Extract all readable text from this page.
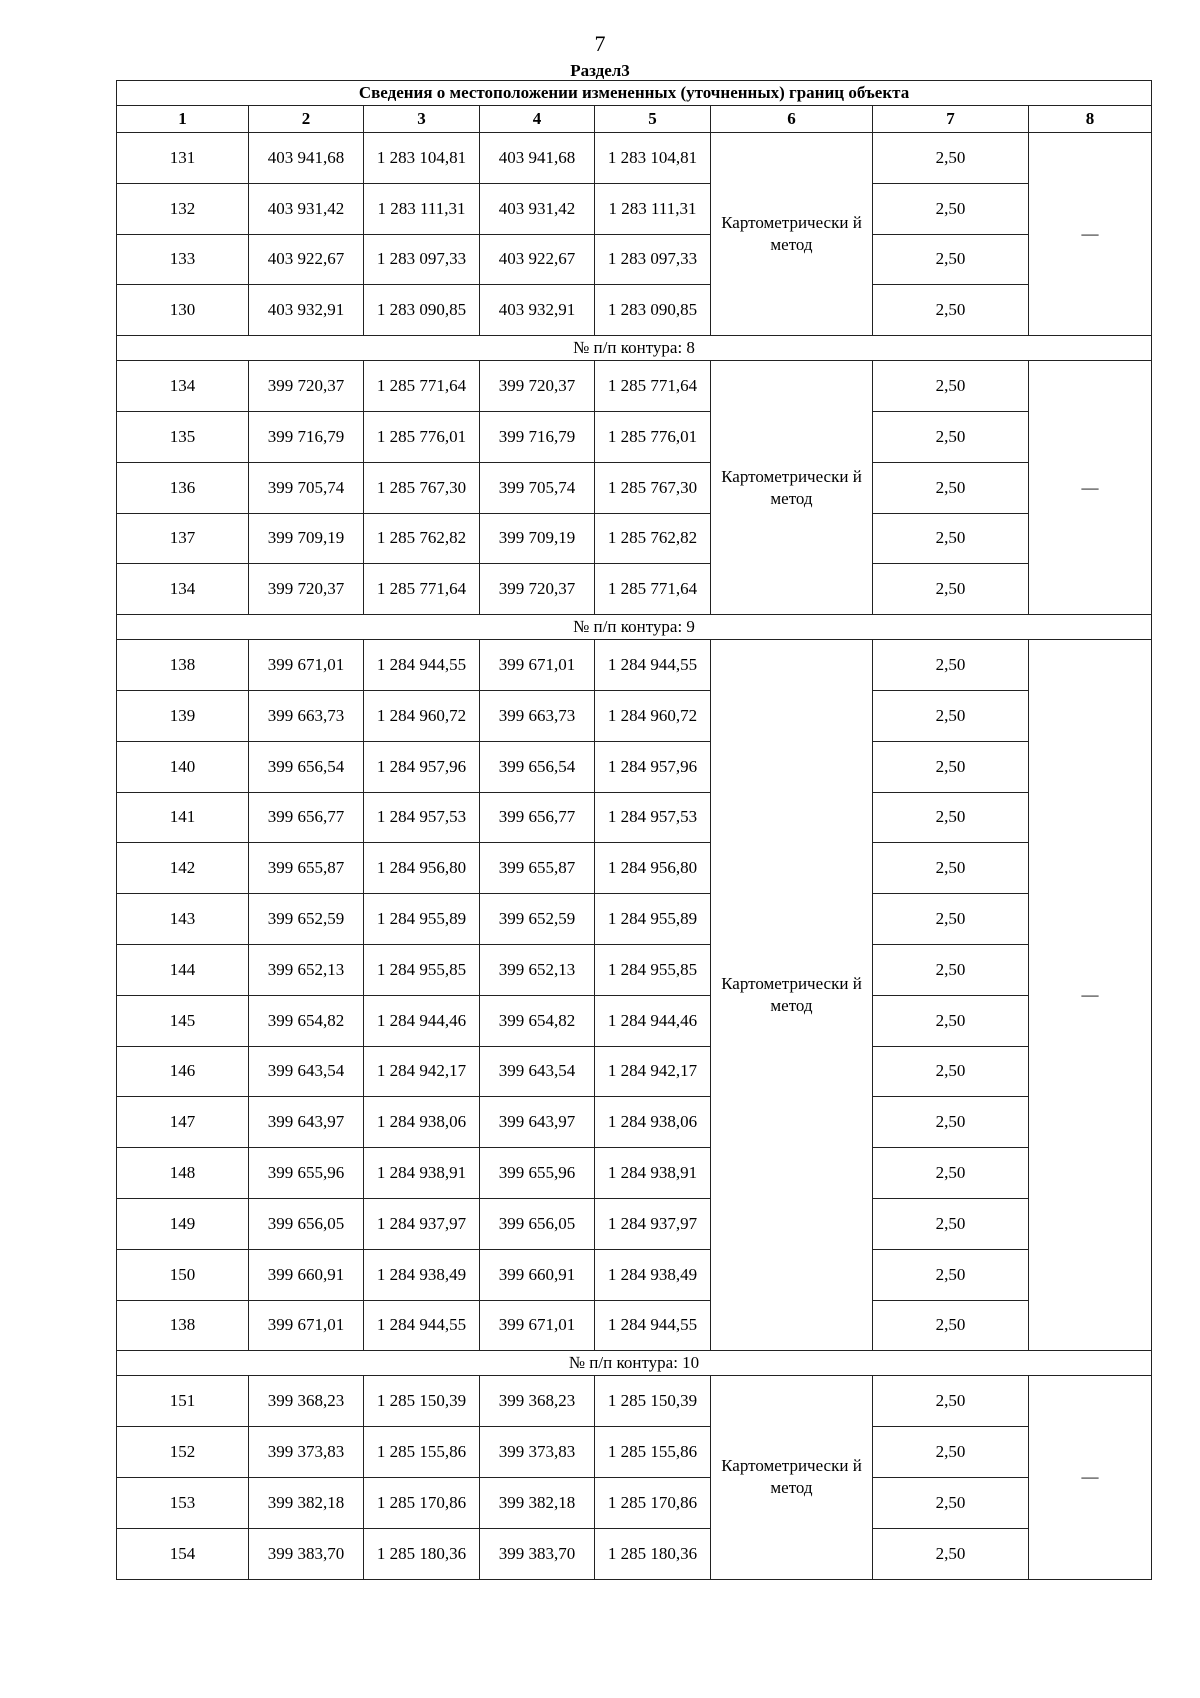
7
Раздел3
Сведения о местоположении измененных (уточненных) границ объекта							
1	2	3	4	5	6	7	8
131	403 941,68	1 283 104,81	403 941,68	1 283 104,81	Картометрически й метод	2,50	—
132	403 931,42	1 283 111,31	403 931,42	1 283 111,31		2,50	
133	403 922,67	1 283 097,33	403 922,67	1 283 097,33		2,50	
130	403 932,91	1 283 090,85	403 932,91	1 283 090,85		2,50	
№ п/п контура: 8							
134	399 720,37	1 285 771,64	399 720,37	1 285 771,64	Картометрически й метод	2,50	—
135	399 716,79	1 285 776,01	399 716,79	1 285 776,01		2,50	
136	399 705,74	1 285 767,30	399 705,74	1 285 767,30		2,50	
137	399 709,19	1 285 762,82	399 709,19	1 285 762,82		2,50	
134	399 720,37	1 285 771,64	399 720,37	1 285 771,64		2,50	
№ п/п контура: 9							
138	399 671,01	1 284 944,55	399 671,01	1 284 944,55	Картометрически й метод	2,50	—
139	399 663,73	1 284 960,72	399 663,73	1 284 960,72		2,50	
140	399 656,54	1 284 957,96	399 656,54	1 284 957,96		2,50	
141	399 656,77	1 284 957,53	399 656,77	1 284 957,53		2,50	
142	399 655,87	1 284 956,80	399 655,87	1 284 956,80		2,50	
143	399 652,59	1 284 955,89	399 652,59	1 284 955,89		2,50	
144	399 652,13	1 284 955,85	399 652,13	1 284 955,85		2,50	
145	399 654,82	1 284 944,46	399 654,82	1 284 944,46		2,50	
146	399 643,54	1 284 942,17	399 643,54	1 284 942,17		2,50	
147	399 643,97	1 284 938,06	399 643,97	1 284 938,06		2,50	
148	399 655,96	1 284 938,91	399 655,96	1 284 938,91		2,50	
149	399 656,05	1 284 937,97	399 656,05	1 284 937,97		2,50	
150	399 660,91	1 284 938,49	399 660,91	1 284 938,49		2,50	
138	399 671,01	1 284 944,55	399 671,01	1 284 944,55		2,50	
№ п/п контура: 10							
151	399 368,23	1 285 150,39	399 368,23	1 285 150,39	Картометрически й метод	2,50	—
152	399 373,83	1 285 155,86	399 373,83	1 285 155,86		2,50	
153	399 382,18	1 285 170,86	399 382,18	1 285 170,86		2,50	
154	399 383,70	1 285 180,36	399 383,70	1 285 180,36		2,50	
